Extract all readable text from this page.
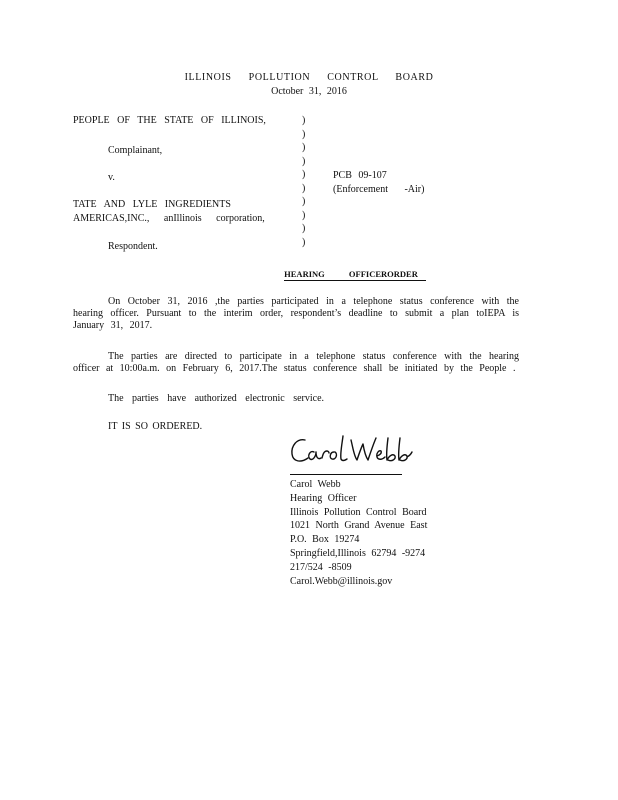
ILLINOIS POLLUTION CONTROL BOARD
October 31, 2016
PEOPLE OF THE STATE OF ILLINOIS,
Complainant,
v.
TATE AND LYLE INGREDIENTS
AMERICAS,INC., anIllinois corporation,
Respondent.
)
)
)
)
)
)
)
)
)
)
PCB 09-107
(Enforcement -Air)
HEARING OFFICERORDER
On October 31, 2016 ,the parties participated in a telephone status conference with the hearing officer. Pursuant to the interim order, respondent’s deadline to submit a plan toIEPA is January 31, 2017.
The parties are directed to participate in a telephone status conference with the hearing officer at 10:00a.m. on February 6, 2017.The status conference shall be initiated by the People .
The parties have authorized electronic service.
IT IS SO ORDERED.
Carol Webb
Hearing Officer
Illinois Pollution Control Board
1021 North Grand Avenue East
P.O. Box 19274
Springfield,Illinois 62794 -9274
217/524 -8509
Carol.Webb@illinois.gov
